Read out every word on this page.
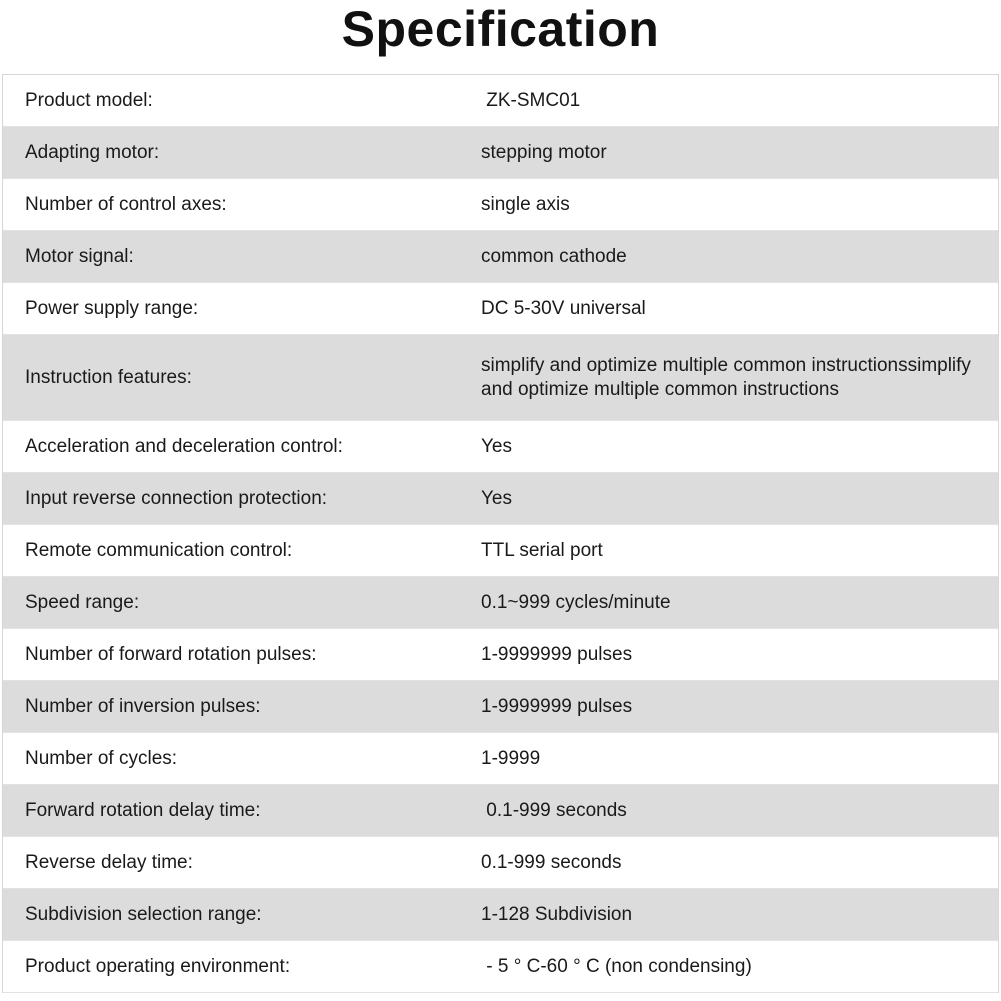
Specification
Product model:	ZK-SMC01
Adapting motor:	stepping motor
Number of control axes:	single axis
Motor signal:	common cathode
Power supply range:	DC 5-30V universal
Instruction features:
simplify and optimize multiple common instructionssimplify and optimize multiple common instructions
Acceleration and deceleration control:	Yes
Input reverse connection protection:	Yes
Remote communication control:	TTL serial port
Speed range:	0.1~999 cycles/minute
Number of forward rotation pulses:	1-9999999 pulses
Number of inversion pulses:	1-9999999 pulses
Number of cycles:	1-9999
Forward rotation delay time:	0.1-999 seconds
Reverse delay time:	0.1-999 seconds
Subdivision selection range:	1-128 Subdivision
Product operating environment:	- 5 ° C-60 ° C (non condensing)
